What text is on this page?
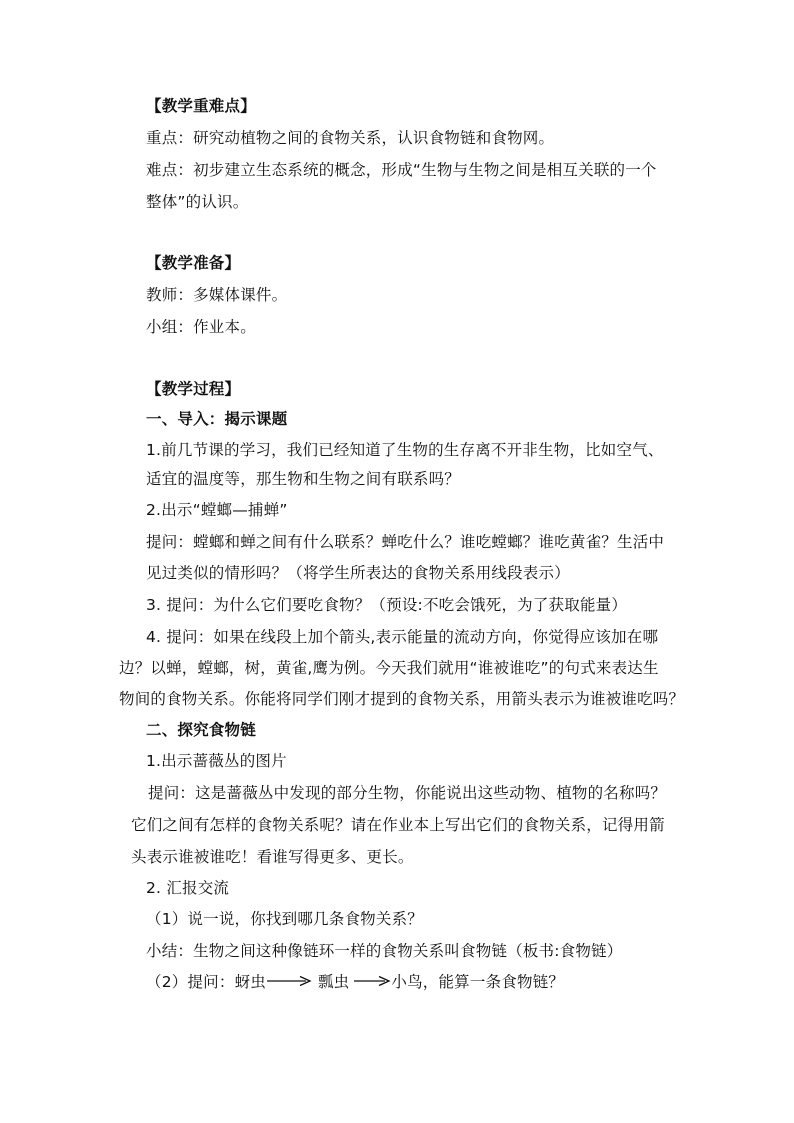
【教学重难点】
重点：研究动植物之间的食物关系，认识食物链和食物网。
难点：初步建立生态系统的概念，形成“生物与生物之间是相互关联的一个
整体”的认识。
【教学准备】
教师：多媒体课件。
小组：作业本。
【教学过程】
一、导入：揭示课题
1.前几节课的学习，我们已经知道了生物的生存离不开非生物，比如空气、
适宜的温度等，那生物和生物之间有联系吗？
2.出示“螳螂—捕蝉”
提问：螳螂和蝉之间有什么联系？蝉吃什么？谁吃螳螂？谁吃黄雀？生活中
见过类似的情形吗？（将学生所表达的食物关系用线段表示）
3. 提问：为什么它们要吃食物？（预设:不吃会饿死，为了获取能量）
4. 提问：如果在线段上加个箭头,表示能量的流动方向，你觉得应该加在哪
边？以蝉，螳螂，树，黄雀,鹰为例。今天我们就用“谁被谁吃”的句式来表达生
物间的食物关系。你能将同学们刚才提到的食物关系，用箭头表示为谁被谁吃吗？
二、探究食物链
1.出示蔷薇丛的图片
提问：这是蔷薇丛中发现的部分生物，你能说出这些动物、植物的名称吗？
它们之间有怎样的食物关系呢？请在作业本上写出它们的食物关系，记得用箭
头表示谁被谁吃！看谁写得更多、更长。
2. 汇报交流
（1）说一说，你找到哪几条食物关系？
小结：生物之间这种像链环一样的食物关系叫食物链（板书:食物链）
（2）提问：蚜虫	瓢虫	小鸟，能算一条食物链？
